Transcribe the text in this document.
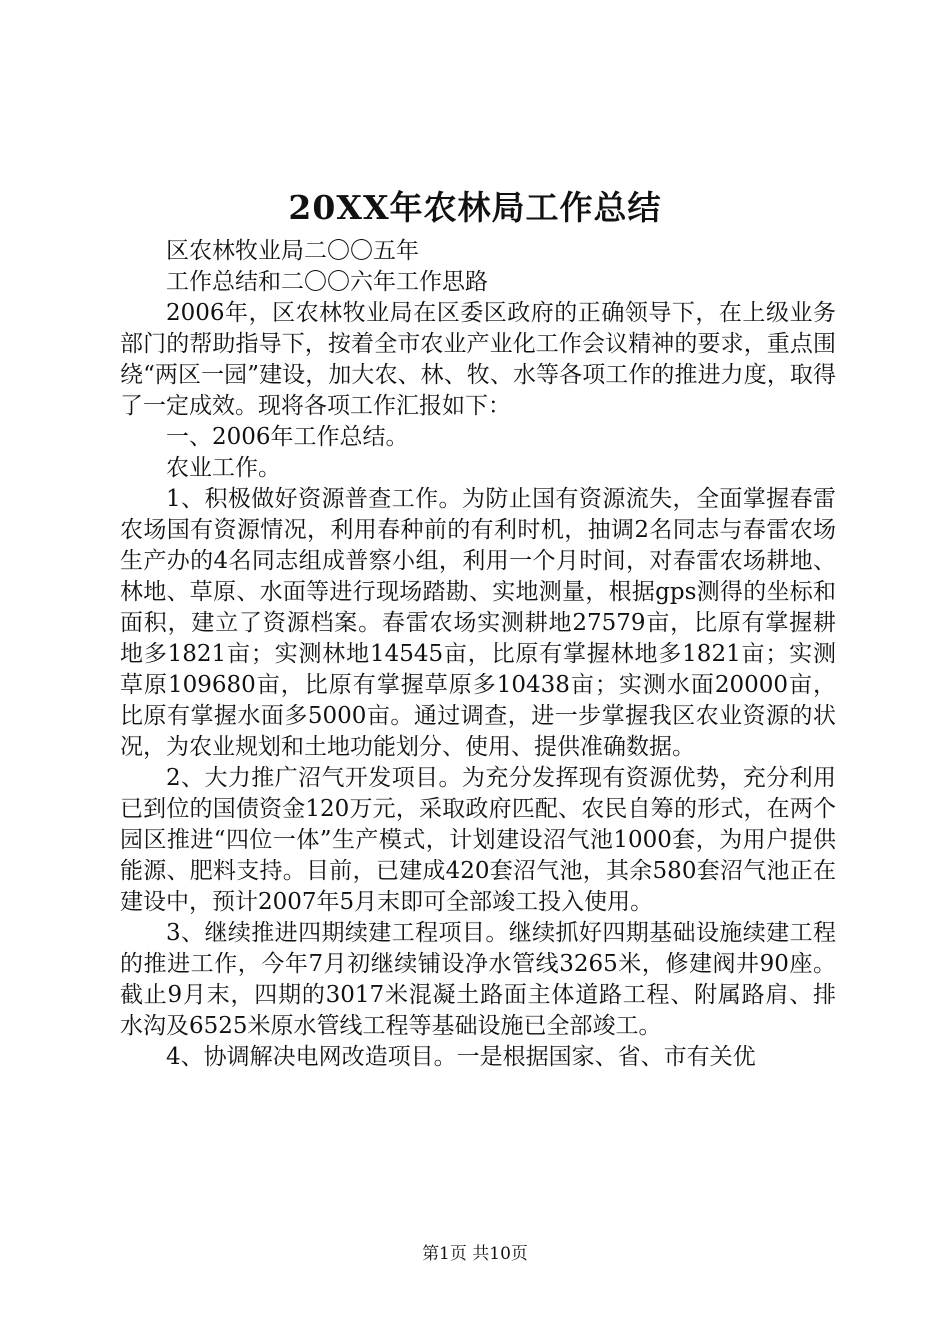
20XX年农林局工作总结

区农林牧业局二〇〇五年

工作总结和二〇〇六年工作思路

2006年，区农林牧业局在区委区政府的正确领导下，在上级业务部门的帮助指导下，按着全市农业产业化工作会议精神的要求，重点围绕“两区一园”建设，加大农、林、牧、水等各项工作的推进力度，取得了一定成效。现将各项工作汇报如下：

一、2006年工作总结。

农业工作。

1、积极做好资源普查工作。为防止国有资源流失，全面掌握春雷农场国有资源情况，利用春种前的有利时机，抽调2名同志与春雷农场生产办的4名同志组成普察小组，利用一个月时间，对春雷农场耕地、林地、草原、水面等进行现场踏勘、实地测量，根据gps测得的坐标和面积，建立了资源档案。春雷农场实测耕地27579亩，比原有掌握耕地多1821亩；实测林地14545亩，比原有掌握林地多1821亩；实测草原109680亩，比原有掌握草原多10438亩；实测水面20000亩，比原有掌握水面多5000亩。通过调查，进一步掌握我区农业资源的状况，为农业规划和土地功能划分、使用、提供准确数据。

2、大力推广沼气开发项目。为充分发挥现有资源优势，充分利用已到位的国债资金120万元，采取政府匹配、农民自筹的形式，在两个园区推进“四位一体”生产模式，计划建设沼气池1000套，为用户提供能源、肥料支持。目前，已建成420套沼气池，其余580套沼气池正在建设中，预计2007年5月末即可全部竣工投入使用。

3、继续推进四期续建工程项目。继续抓好四期基础设施续建工程的推进工作，今年7月初继续铺设净水管线3265米，修建阀井90座。截止9月末，四期的3017米混凝土路面主体道路工程、附属路肩、排水沟及6525米原水管线工程等基础设施已全部竣工。

4、协调解决电网改造项目。一是根据国家、省、市有关优

第1页 共10页
